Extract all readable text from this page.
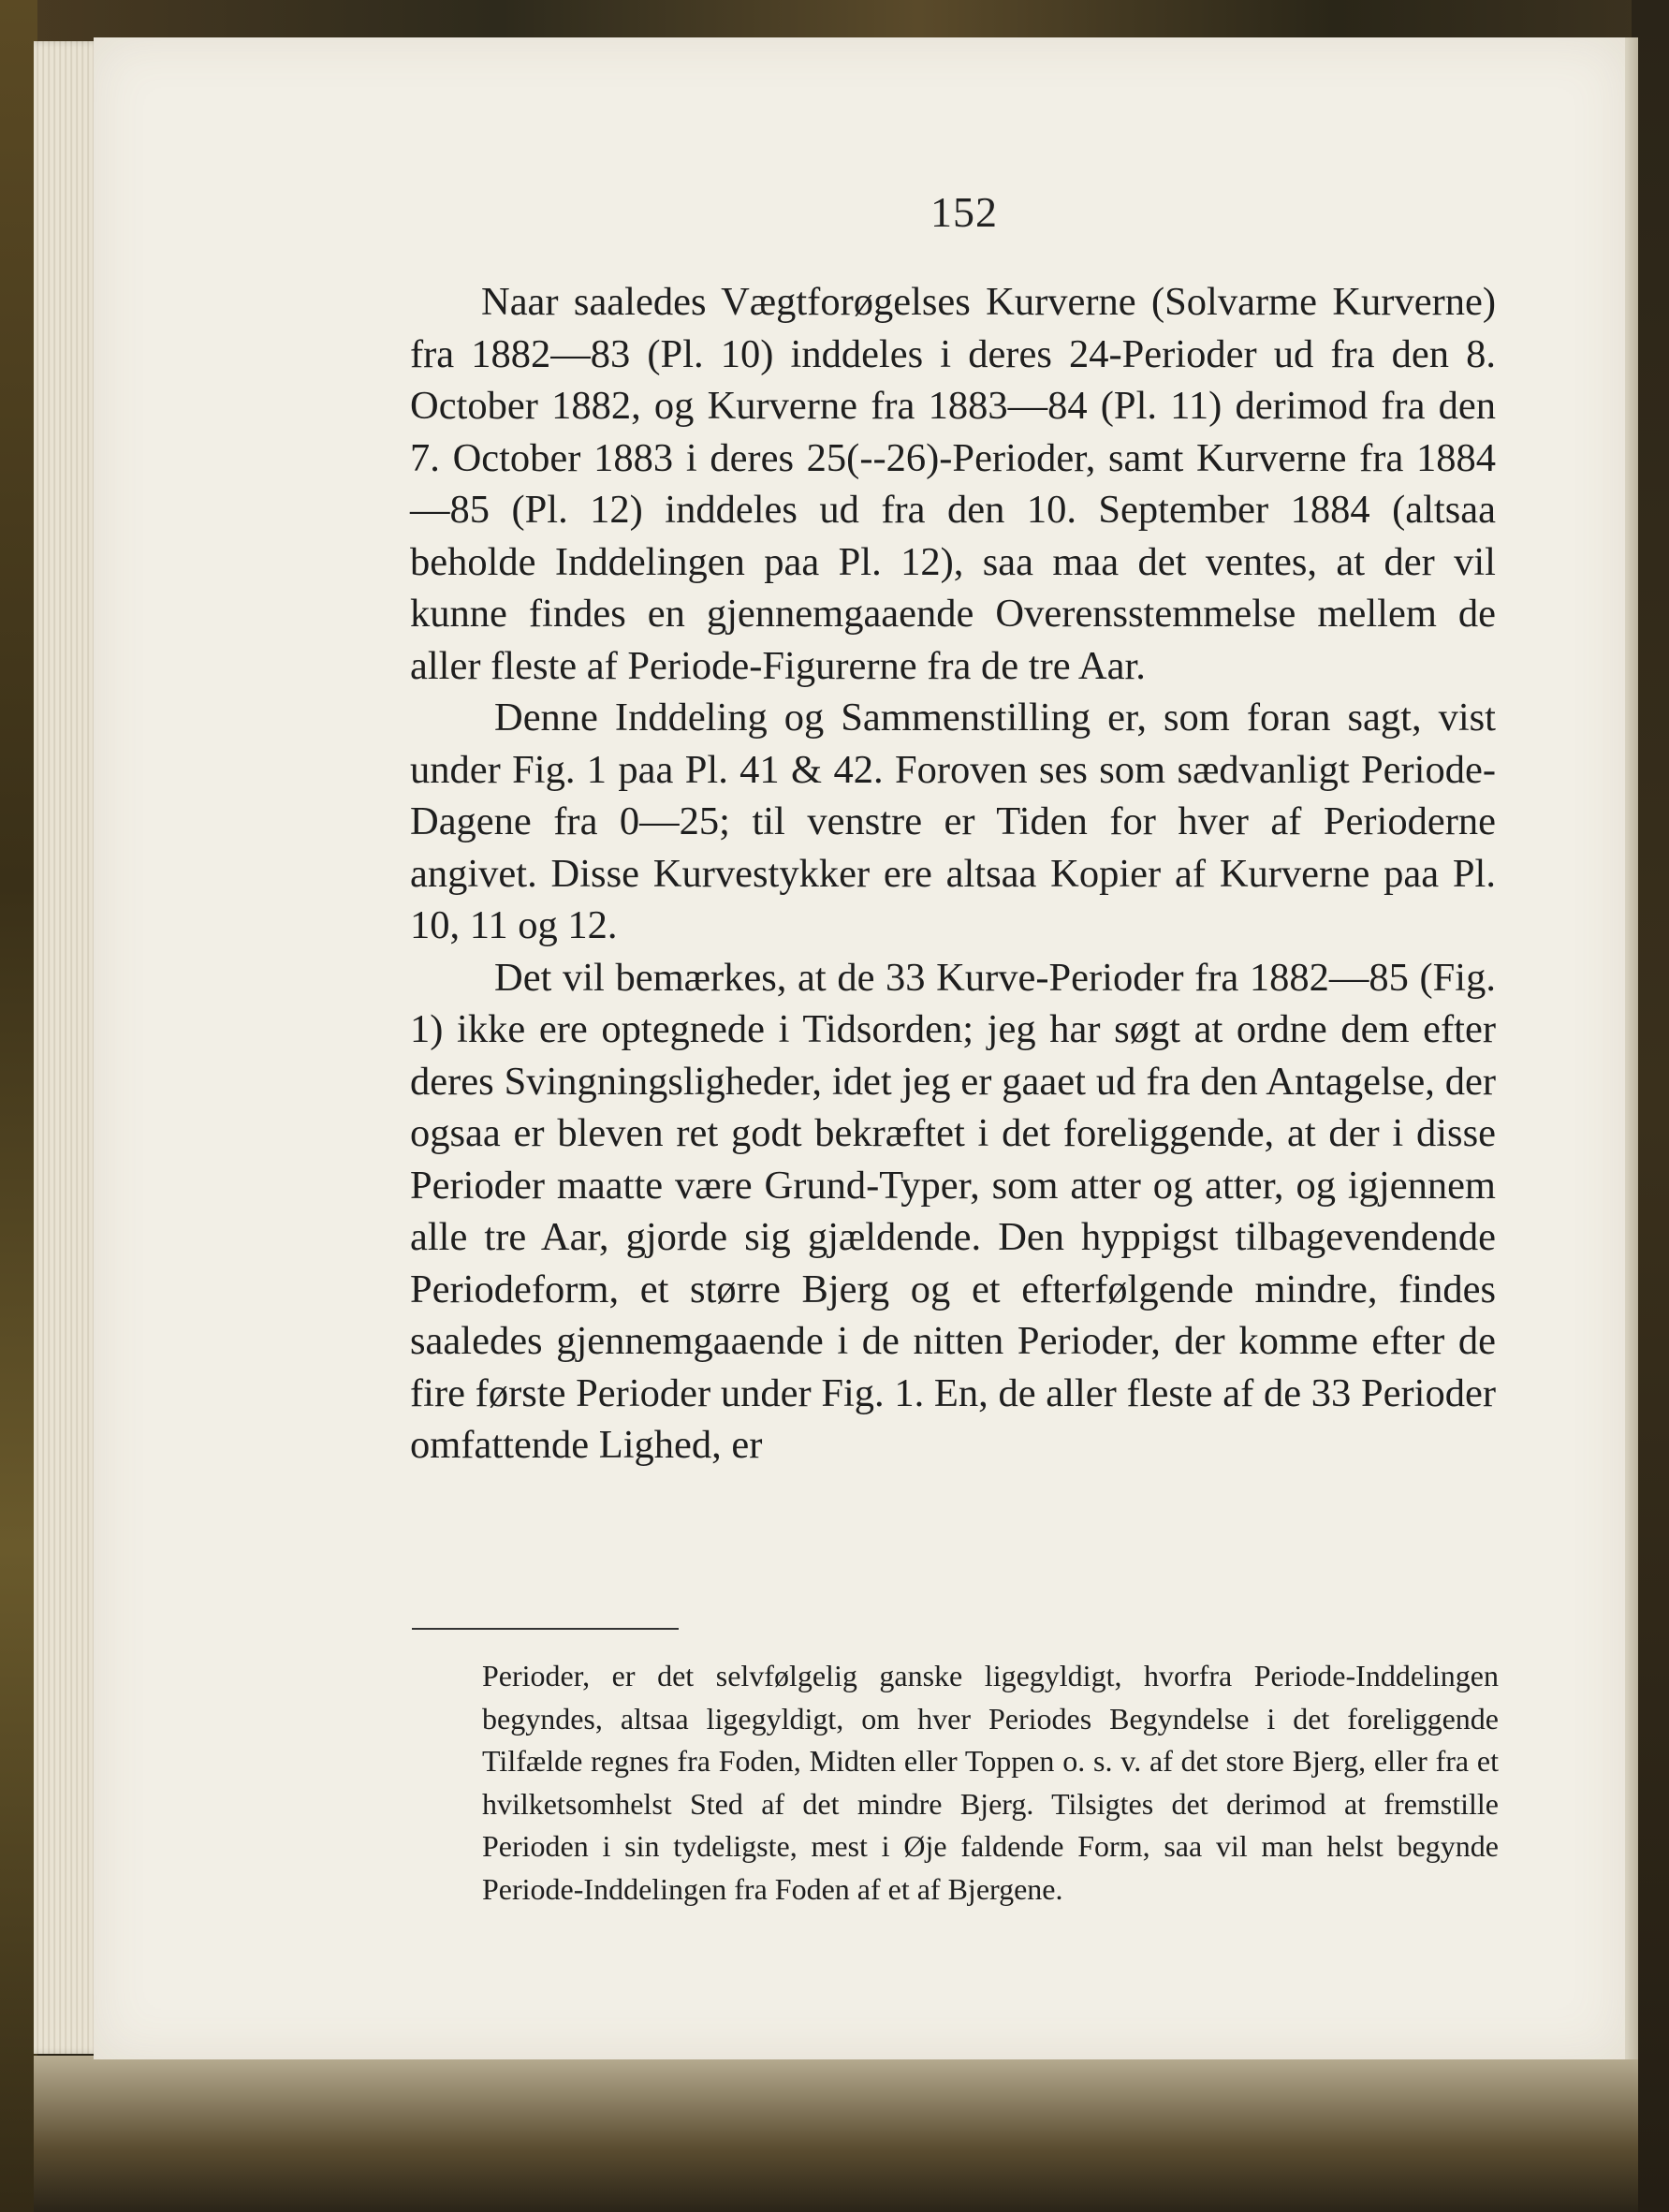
152

Naar saaledes Vægtforøgelses Kurverne (Solvarme Kurverne) fra 1882—83 (Pl. 10) inddeles i deres 24-Perioder ud fra den 8. October 1882, og Kurverne fra 1883—84 (Pl. 11) derimod fra den 7. October 1883 i deres 25(--26)-Perioder, samt Kurverne fra 1884—85 (Pl. 12) inddeles ud fra den 10. September 1884 (altsaa beholde Inddelingen paa Pl. 12), saa maa det ventes, at der vil kunne findes en gjennemgaaende Overensstemmelse mellem de aller fleste af Periode-Figurerne fra de tre Aar.

Denne Inddeling og Sammenstilling er, som foran sagt, vist under Fig. 1 paa Pl. 41 & 42. Foroven ses som sædvanligt Periode-Dagene fra 0—25; til venstre er Tiden for hver af Perioderne angivet. Disse Kurvestykker ere altsaa Kopier af Kurverne paa Pl. 10, 11 og 12.

Det vil bemærkes, at de 33 Kurve-Perioder fra 1882—85 (Fig. 1) ikke ere optegnede i Tidsorden; jeg har søgt at ordne dem efter deres Svingningsligheder, idet jeg er gaaet ud fra den Antagelse, der ogsaa er bleven ret godt bekræftet i det foreliggende, at der i disse Perioder maatte være Grund-Typer, som atter og atter, og igjennem alle tre Aar, gjorde sig gjældende. Den hyppigst tilbagevendende Periodeform, et større Bjerg og et efterfølgende mindre, findes saaledes gjennemgaaende i de nitten Perioder, der komme efter de fire første Perioder under Fig. 1. En, de aller fleste af de 33 Perioder omfattende Lighed, er

Perioder, er det selvfølgelig ganske ligegyldigt, hvorfra Periode-Inddelingen begyndes, altsaa ligegyldigt, om hver Periodes Begyndelse i det foreliggende Tilfælde regnes fra Foden, Midten eller Toppen o. s. v. af det store Bjerg, eller fra et hvilketsomhelst Sted af det mindre Bjerg. Tilsigtes det derimod at fremstille Perioden i sin tydeligste, mest i Øje faldende Form, saa vil man helst begynde Periode-Inddelingen fra Foden af et af Bjergene.
